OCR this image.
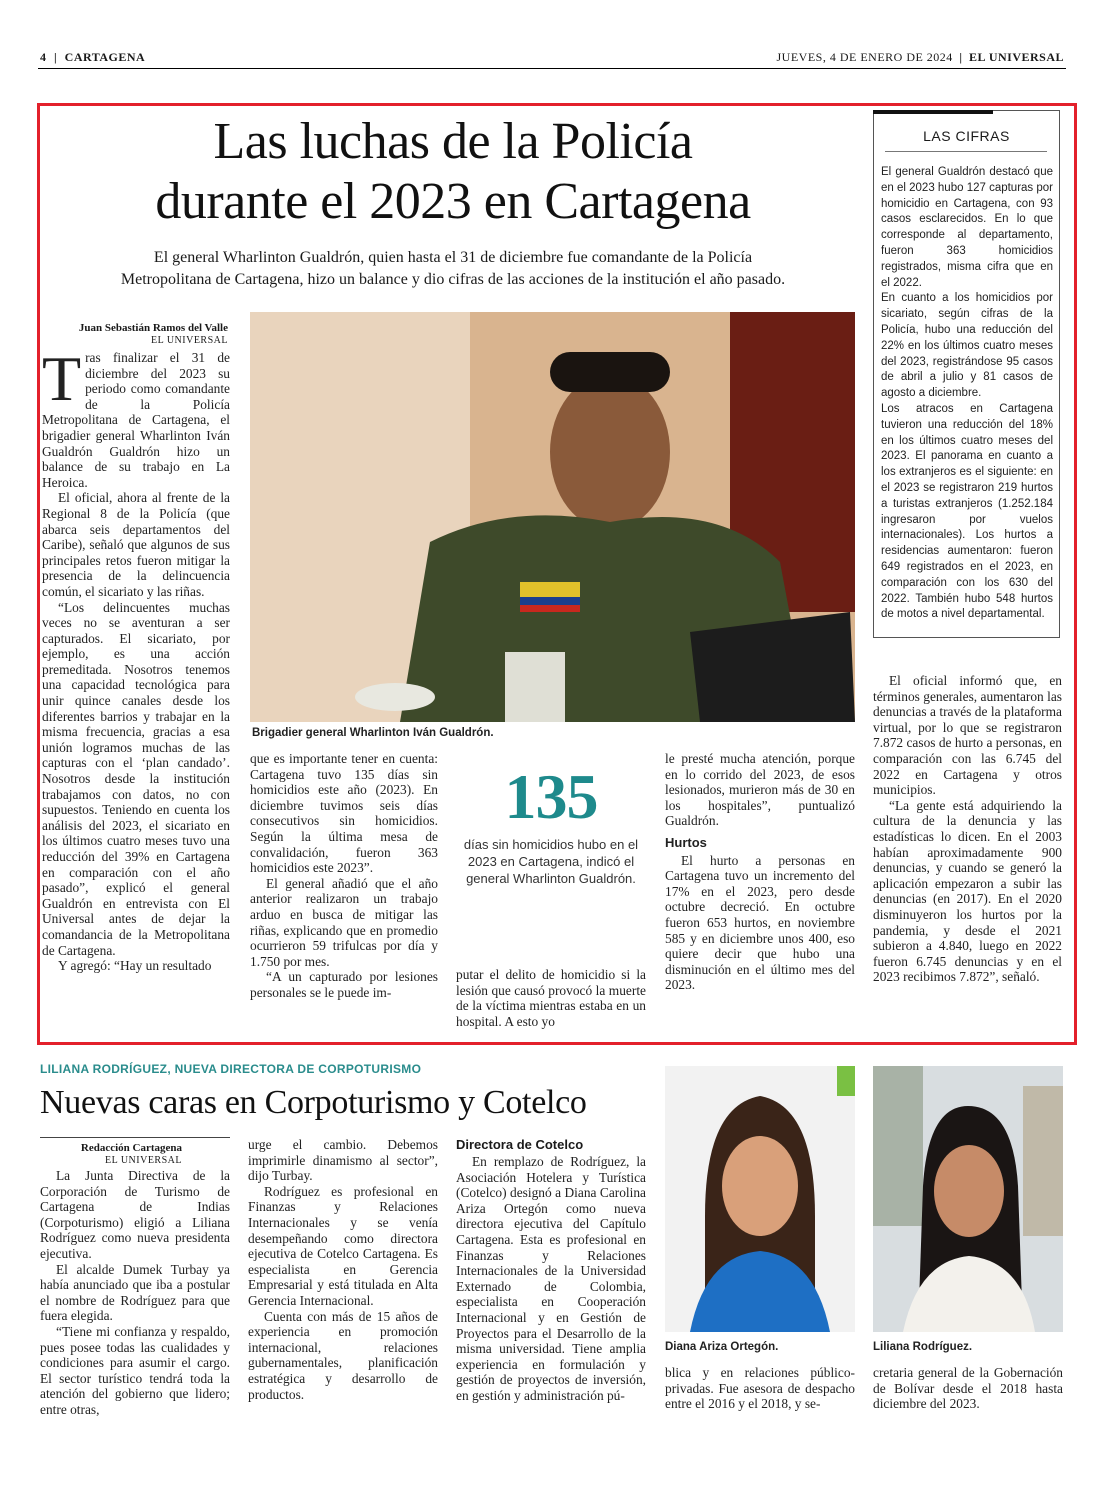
4 | CARTAGENA	JUEVES, 4 DE ENERO DE 2024 | EL UNIVERSAL
Las luchas de la Policía
durante el 2023 en Cartagena
El general Wharlinton Gualdrón, quien hasta el 31 de diciembre fue comandante de la Policía
Metropolitana de Cartagena, hizo un balance y dio cifras de las acciones de la institución el año pasado.
Juan Sebastián Ramos del Valle
EL UNIVERSAL

Tras finalizar el 31 de diciembre del 2023 su periodo como comandante de la Policía Metropolitana de Cartagena, el brigadier general Wharlinton Iván Gualdrón Gualdrón hizo un balance de su trabajo en La Heroica.

El oficial, ahora al frente de la Regional 8 de la Policía (que abarca seis departamentos del Caribe), señaló que algunos de sus principales retos fueron mitigar la presencia de la delincuencia común, el sicariato y las riñas.

“Los delincuentes muchas veces no se aventuran a ser capturados. El sicariato, por ejemplo, es una acción premeditada. Nosotros tenemos una capacidad tecnológica para unir quince canales desde los diferentes barrios y trabajar en la misma frecuencia, gracias a esa unión logramos muchas de las capturas con el ‘plan candado’. Nosotros desde la institución trabajamos con datos, no con supuestos. Teniendo en cuenta los análisis del 2023, el sicariato en los últimos cuatro meses tuvo una reducción del 39% en Cartagena en comparación con el año pasado”, explicó el general Gualdrón en entrevista con El Universal antes de dejar la comandancia de la Metropolitana de Cartagena.

Y agregó: “Hay un resultado

Brigadier general Wharlinton Iván Gualdrón.

que es importante tener en cuenta: Cartagena tuvo 135 días sin homicidios este año (2023). En diciembre tuvimos seis días consecutivos sin homicidios. Según la última mesa de convalidación, fueron 363 homicidios este 2023”.

El general añadió que el año anterior realizaron un trabajo arduo en busca de mitigar las riñas, explicando que en promedio ocurrieron 59 trifulcas por día y 1.750 por mes.

“A un capturado por lesiones personales se le puede im-

135
días sin homicidios hubo en el
2023 en Cartagena, indicó el
general Wharlinton Gualdrón.

putar el delito de homicidio si la lesión que causó provocó la muerte de la víctima mientras estaba en un hospital. A esto yo

le presté mucha atención, porque en lo corrido del 2023, de esos lesionados, murieron más de 30 en los hospitales”, puntualizó Gualdrón.

Hurtos

El hurto a personas en Cartagena tuvo un incremento del 17% en el 2023, pero desde octubre decreció. En octubre fueron 653 hurtos, en noviembre 585 y en diciembre unos 400, eso quiere decir que hubo una disminución en el último mes del 2023.

LAS CIFRAS

El general Gualdrón destacó que en el 2023 hubo 127 capturas por homicidio en Cartagena, con 93 casos esclarecidos. En lo que corresponde al departamento, fueron 363 homicidios registrados, misma cifra que en el 2022.

En cuanto a los homicidios por sicariato, según cifras de la Policía, hubo una reducción del 22% en los últimos cuatro meses del 2023, registrándose 95 casos de abril a julio y 81 casos de agosto a diciembre.

Los atracos en Cartagena tuvieron una reducción del 18% en los últimos cuatro meses del 2023. El panorama en cuanto a los extranjeros es el siguiente: en el 2023 se registraron 219 hurtos a turistas extranjeros (1.252.184 ingresaron por vuelos internacionales). Los hurtos a residencias aumentaron: fueron 649 registrados en el 2023, en comparación con los 630 del 2022. También hubo 548 hurtos de motos a nivel departamental.

El oficial informó que, en términos generales, aumentaron las denuncias a través de la plataforma virtual, por lo que se registraron 7.872 casos de hurto a personas, en comparación con las 6.745 del 2022 en Cartagena y otros municipios.

“La gente está adquiriendo la cultura de la denuncia y las estadísticas lo dicen. En el 2003 habían aproximadamente 900 denuncias, y cuando se generó la aplicación empezaron a subir las denuncias (en 2017). En el 2020 disminuyeron los hurtos por la pandemia, y desde el 2021 subieron a 4.840, luego en 2022 fueron 6.745 denuncias y en el 2023 recibimos 7.872”, señaló.

LILIANA RODRÍGUEZ, NUEVA DIRECTORA DE CORPOTURISMO
Nuevas caras en Corpoturismo y Cotelco
Redacción Cartagena
EL UNIVERSAL

La Junta Directiva de la Corporación de Turismo de Cartagena de Indias (Corpoturismo) eligió a Liliana Rodríguez como nueva presidenta ejecutiva.

El alcalde Dumek Turbay ya había anunciado que iba a postular el nombre de Rodríguez para que fuera elegida.

“Tiene mi confianza y respaldo, pues posee todas las cualidades y condiciones para asumir el cargo. El sector turístico tendrá toda la atención del gobierno que lidero; entre otras,

urge el cambio. Debemos imprimirle dinamismo al sector”, dijo Turbay.

Rodríguez es profesional en Finanzas y Relaciones Internacionales y se venía desempeñando como directora ejecutiva de Cotelco Cartagena. Es especialista en Gerencia Empresarial y está titulada en Alta Gerencia Internacional.

Cuenta con más de 15 años de experiencia en promoción internacional, relaciones gubernamentales, planificación estratégica y desarrollo de productos.

Directora de Cotelco

En remplazo de Rodríguez, la Asociación Hotelera y Turística (Cotelco) designó a Diana Carolina Ariza Ortegón como nueva directora ejecutiva del Capítulo Cartagena. Esta es profesional en Finanzas y Relaciones Internacionales de la Universidad Externado de Colombia, especialista en Cooperación Internacional y en Gestión de Proyectos para el Desarrollo de la misma universidad. Tiene amplia experiencia en formulación y gestión de proyectos de inversión, en gestión y administración pú-

Diana Ariza Ortegón.

blica y en relaciones público-privadas. Fue asesora de despacho entre el 2016 y el 2018, y se-

Liliana Rodríguez.

cretaria general de la Gobernación de Bolívar desde el 2018 hasta diciembre del 2023.
